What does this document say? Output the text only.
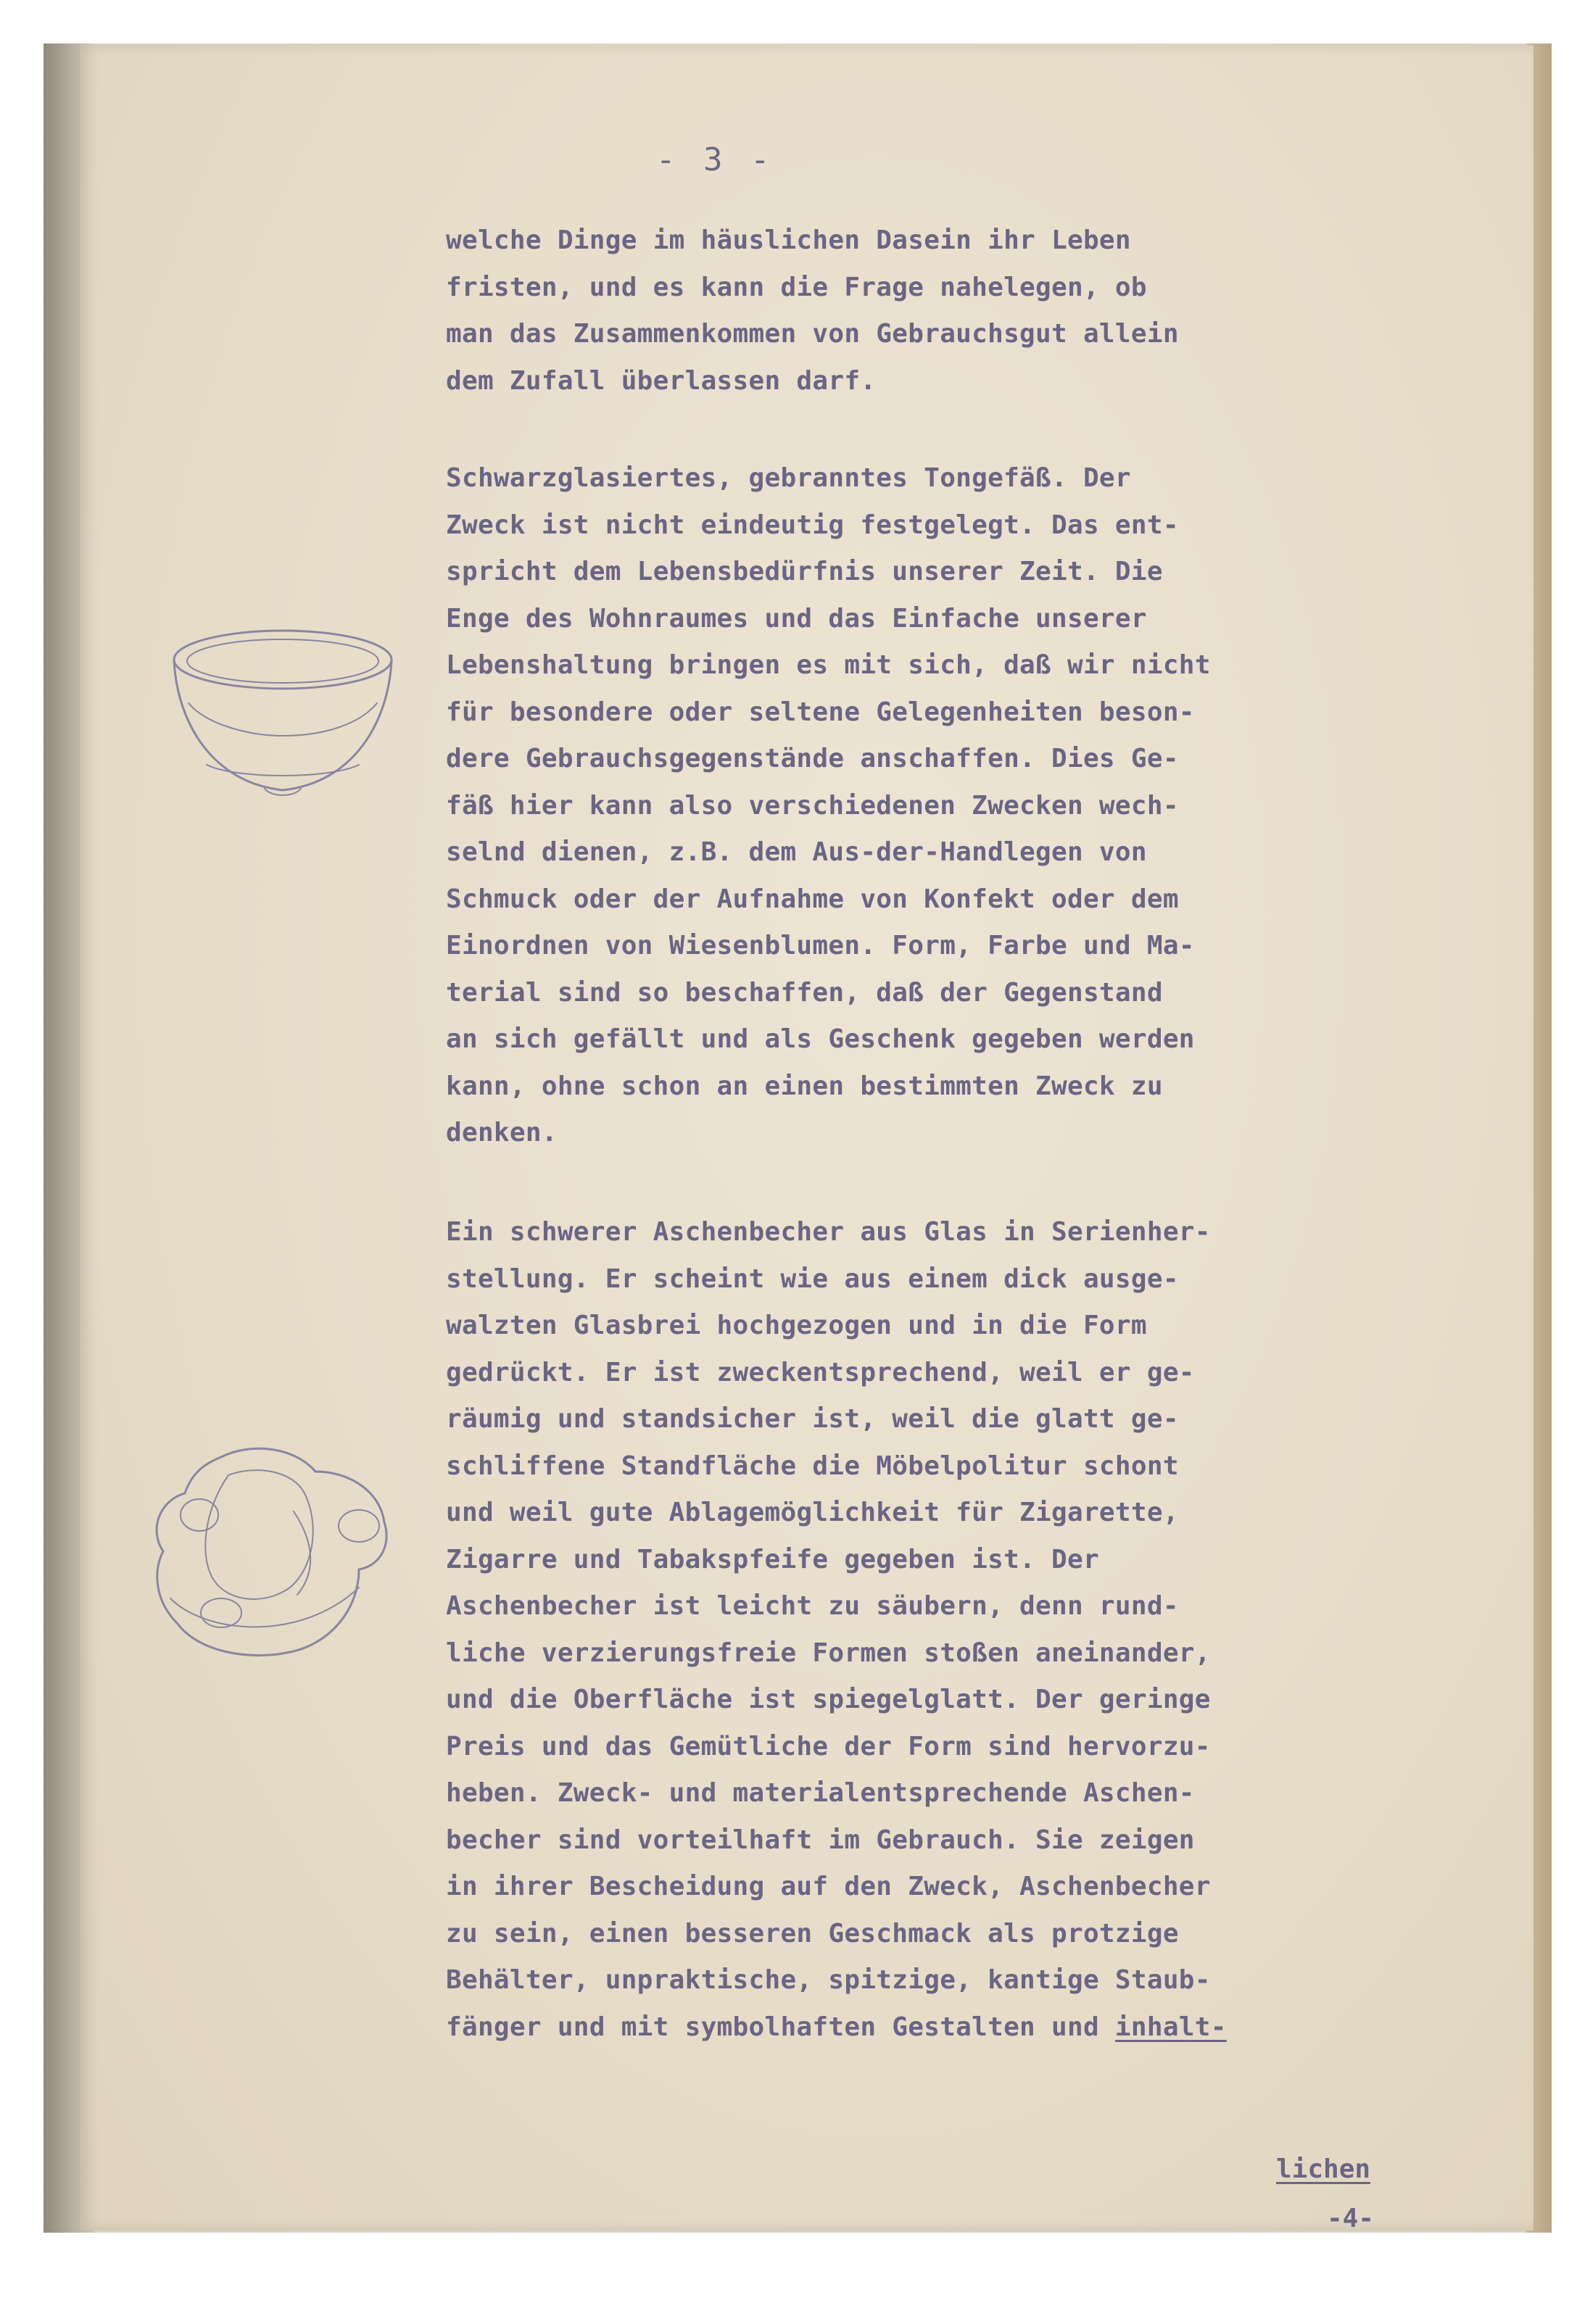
- 3 -
welche Dinge im häuslichen Dasein ihr Leben
fristen, und es kann die Frage nahelegen, ob
man das Zusammenkommen von Gebrauchsgut allein
dem Zufall überlassen darf.
Schwarzglasiertes, gebranntes Tongefäß. Der
Zweck ist nicht eindeutig festgelegt. Das ent-
spricht dem Lebensbedürfnis unserer Zeit. Die
Enge des Wohnraumes und das Einfache unserer
Lebenshaltung bringen es mit sich, daß wir nicht
für besondere oder seltene Gelegenheiten beson-
dere Gebrauchsgegenstände anschaffen. Dies Ge-
fäß hier kann also verschiedenen Zwecken wech-
selnd dienen, z.B. dem Aus-der-Handlegen von
Schmuck oder der Aufnahme von Konfekt oder dem
Einordnen von Wiesenblumen. Form, Farbe und Ma-
terial sind so beschaffen, daß der Gegenstand
an sich gefällt und als Geschenk gegeben werden
kann, ohne schon an einen bestimmten Zweck zu
denken.
Ein schwerer Aschenbecher aus Glas in Serienher-
stellung. Er scheint wie aus einem dick ausge-
walzten Glasbrei hochgezogen und in die Form
gedrückt. Er ist zweckentsprechend, weil er ge-
räumig und standsicher ist, weil die glatt ge-
schliffene Standfläche die Möbelpolitur schont
und weil gute Ablagemöglichkeit für Zigarette,
Zigarre und Tabakspfeife gegeben ist. Der
Aschenbecher ist leicht zu säubern, denn rund-
liche verzierungsfreie Formen stoßen aneinander,
und die Oberfläche ist spiegelglatt. Der geringe
Preis und das Gemütliche der Form sind hervorzu-
heben. Zweck- und materialentsprechende Aschen-
becher sind vorteilhaft im Gebrauch. Sie zeigen
in ihrer Bescheidung auf den Zweck, Aschenbecher
zu sein, einen besseren Geschmack als protzige
Behälter, unpraktische, spitzige, kantige Staub-
fänger und mit symbolhaften Gestalten und inhalt-
lichen
-4-
